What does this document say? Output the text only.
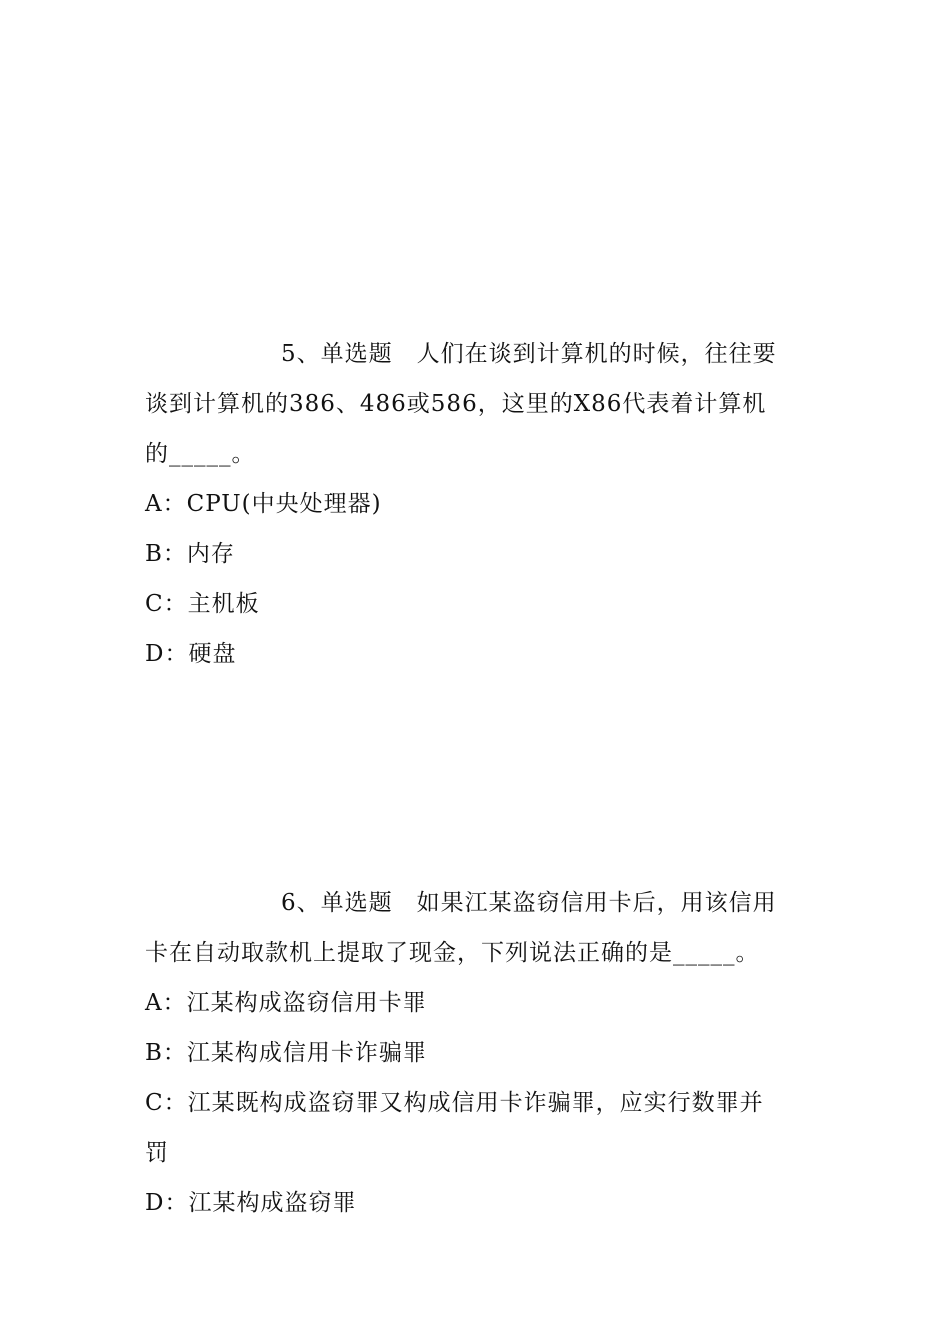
5、单选题 人们在谈到计算机的时候，往往要
谈到计算机的386、486或586，这里的X86代表着计算机
的_____。
A：CPU(中央处理器)
B：内存
C：主机板
D：硬盘
6、单选题 如果江某盗窃信用卡后，用该信用
卡在自动取款机上提取了现金，下列说法正确的是_____。
A：江某构成盗窃信用卡罪
B：江某构成信用卡诈骗罪
C：江某既构成盗窃罪又构成信用卡诈骗罪，应实行数罪并
罚
D：江某构成盗窃罪
